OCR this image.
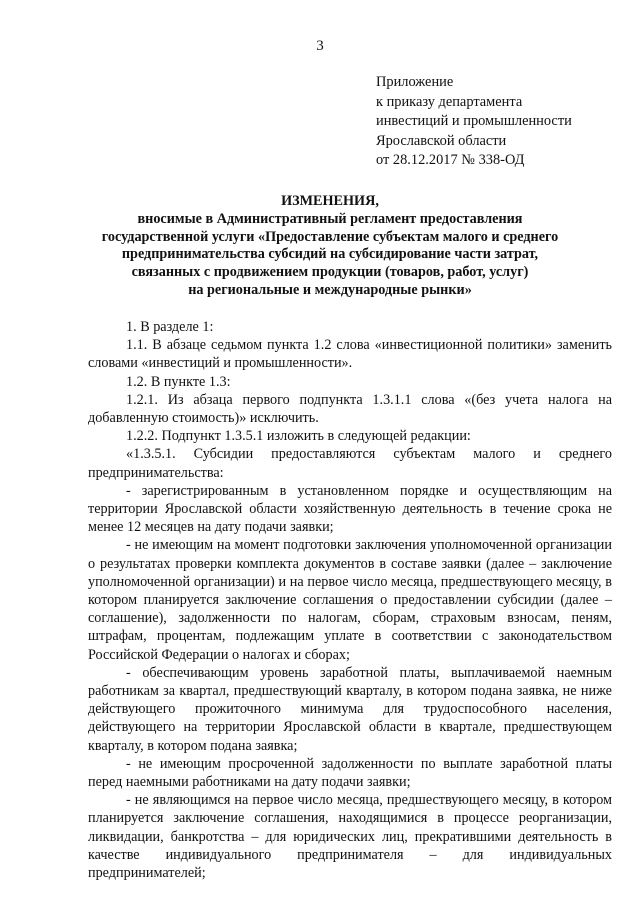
3
Приложение
к приказу департамента
инвестиций и промышленности
Ярославской области
от 28.12.2017 № 338-ОД
ИЗМЕНЕНИЯ,
вносимые в Административный регламент предоставления
государственной услуги «Предоставление субъектам малого и среднего
предпринимательства субсидий на субсидирование части затрат,
связанных с продвижением продукции (товаров, работ, услуг)
на региональные и международные рынки»

1. В разделе 1:

1.1. В абзаце седьмом пункта 1.2 слова «инвестиционной политики» заменить словами «инвестиций и промышленности».

1.2. В пункте 1.3:

1.2.1. Из абзаца первого подпункта 1.3.1.1 слова «(без учета налога на добавленную стоимость)» исключить.

1.2.2. Подпункт 1.3.5.1 изложить в следующей редакции:

«1.3.5.1. Субсидии предоставляются субъектам малого и среднего предпринимательства:

- зарегистрированным в установленном порядке и осуществляющим на территории Ярославской области хозяйственную деятельность в течение срока не менее 12 месяцев на дату подачи заявки;

- не имеющим на момент подготовки заключения уполномоченной организации о результатах проверки комплекта документов в составе заявки (далее – заключение уполномоченной организации) и на первое число месяца, предшествующего месяцу, в котором планируется заключение соглашения о предоставлении субсидии (далее – соглашение), задолженности по налогам, сборам, страховым взносам, пеням, штрафам, процентам, подлежащим уплате в соответствии с законодательством Российской Федерации о налогах и сборах;

- обеспечивающим уровень заработной платы, выплачиваемой наемным работникам за квартал, предшествующий кварталу, в котором подана заявка, не ниже действующего прожиточного минимума для трудоспособного населения, действующего на территории Ярославской области в квартале, предшествующем кварталу, в котором подана заявка;

- не имеющим просроченной задолженности по выплате заработной платы перед наемными работниками на дату подачи заявки;

- не являющимся на первое число месяца, предшествующего месяцу, в котором планируется заключение соглашения, находящимися в процессе реорганизации, ликвидации, банкротства – для юридических лиц, прекратившими деятельность в качестве индивидуального предпринимателя – для индивидуальных предпринимателей;
